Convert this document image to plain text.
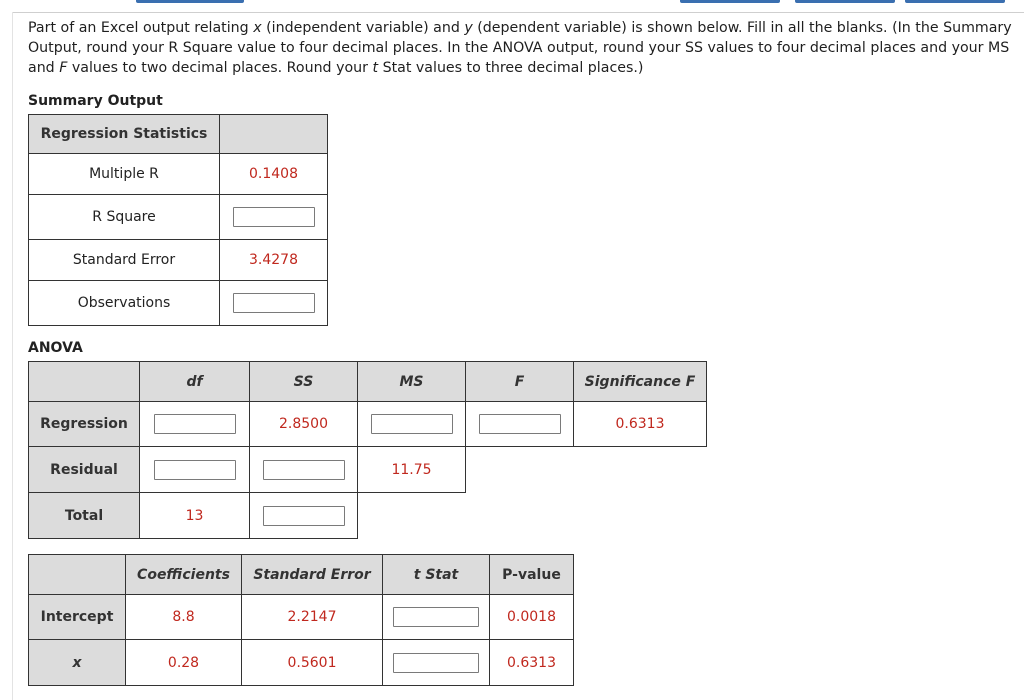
Part of an Excel output relating x (independent variable) and y (dependent variable) is shown below. Fill in all the blanks. (In the Summary Output, round your R Square value to four decimal places. In the ANOVA output, round your SS values to four decimal places and your MS and F values to two decimal places. Round your t Stat values to three decimal places.)

Summary Output
Regression Statistics	
Multiple R	0.1408
R Square	

Standard Error	3.4278
Observations	
ANOVA
	df	SS	MS	F	Significance F
Regression		2.8500			0.6313
Residual			11.75		
Total	13	

	Coefficients	Standard Error	t Stat	P-value
Intercept	8.8	2.2147		0.0018
x	0.28	0.5601		0.6313
